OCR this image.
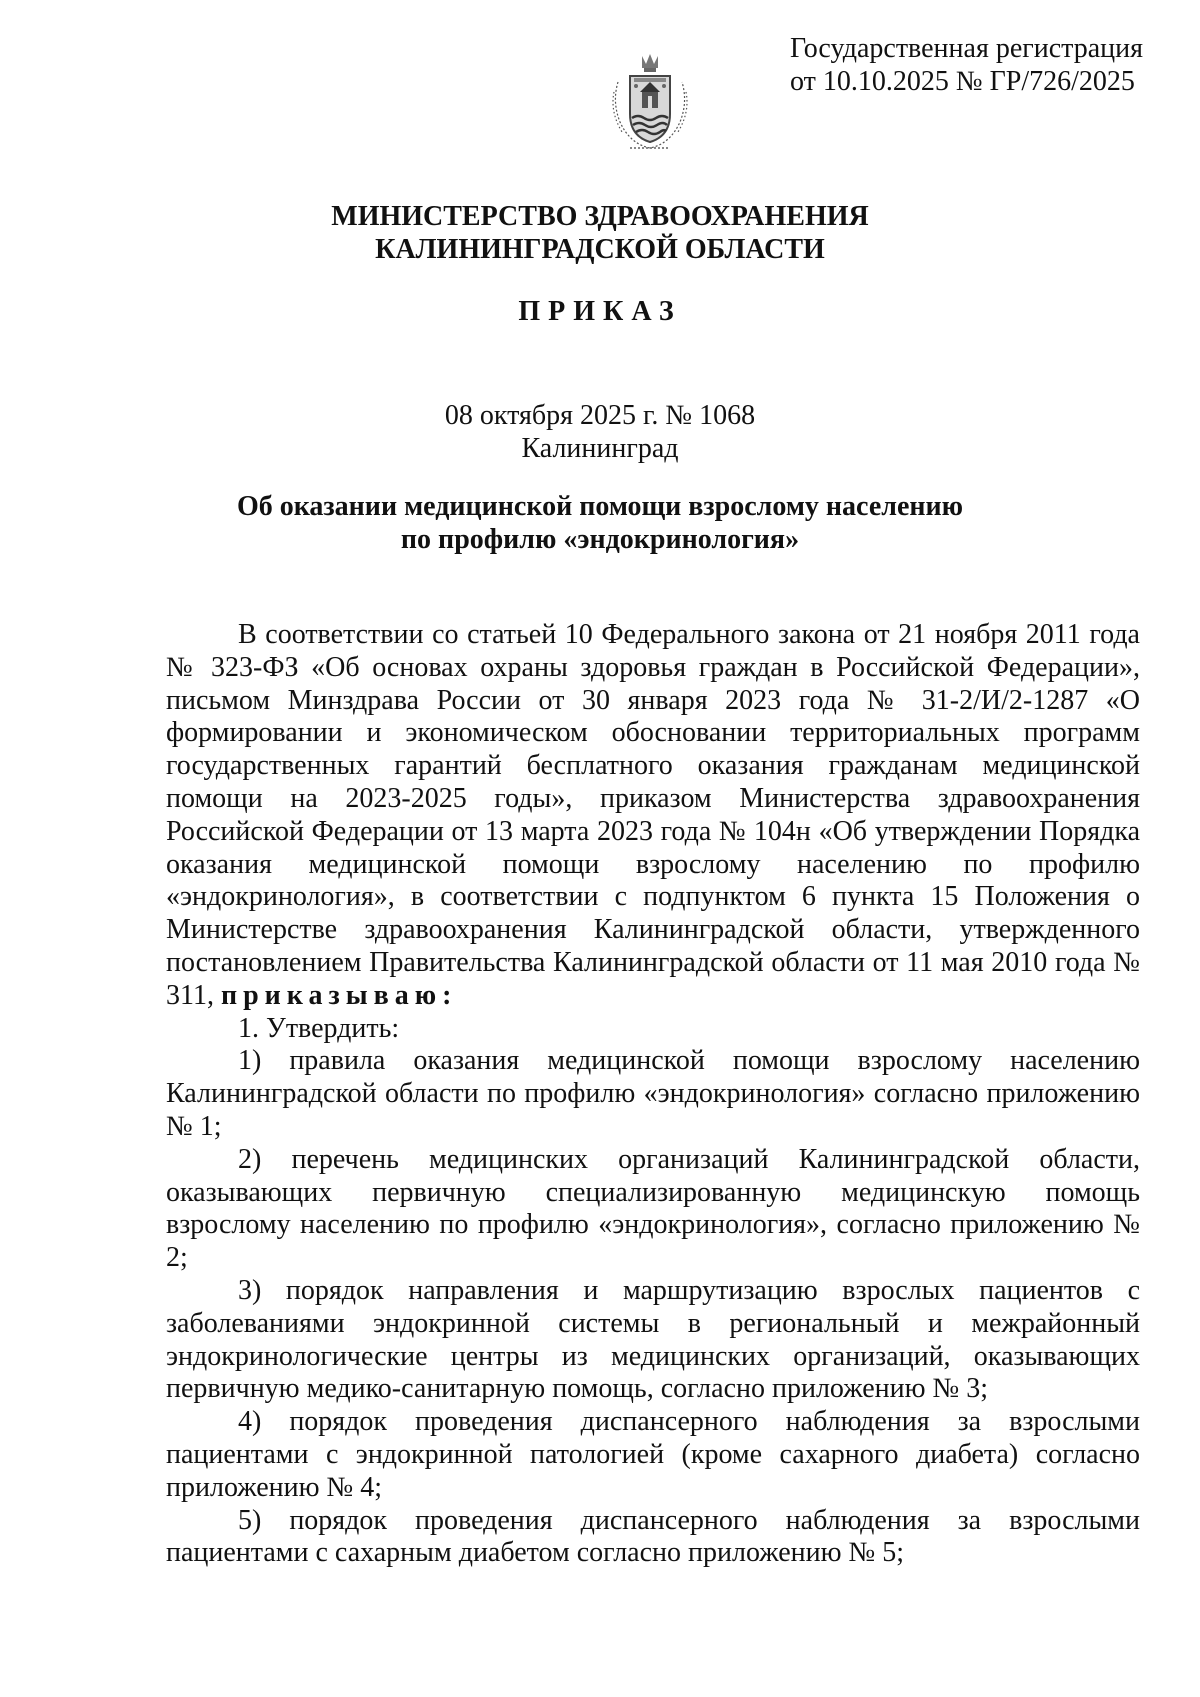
Государственная регистрация
от 10.10.2025 № ГР/726/2025
МИНИСТЕРСТВО ЗДРАВООХРАНЕНИЯ
КАЛИНИНГРАДСКОЙ ОБЛАСТИ
ПРИКАЗ
08 октября 2025 г. № 1068
Калининград
Об оказании медицинской помощи взрослому населению
по профилю «эндокринология»

В соответствии со статьей 10 Федерального закона от 21 ноября 2011 года № 323-ФЗ «Об основах охраны здоровья граждан в Российской Федерации», письмом Минздрава России от 30 января 2023 года № 31-2/И/2-1287 «О формировании и экономическом обосновании территориальных программ государственных гарантий бесплатного оказания гражданам медицинской помощи на 2023-2025 годы», приказом Министерства здравоохранения Российской Федерации от 13 марта 2023 года № 104н «Об утверждении Порядка оказания медицинской помощи взрослому населению по профилю «эндокринология», в соответствии с подпунктом 6 пункта 15 Положения о Министерстве здравоохранения Калининградской области, утвержденного постановлением Правительства Калининградской области от 11 мая 2010 года № 311, приказываю:

1. Утвердить:

1) правила оказания медицинской помощи взрослому населению Калининградской области по профилю «эндокринология» согласно приложению № 1;

2) перечень медицинских организаций Калининградской области, оказывающих первичную специализированную медицинскую помощь взрослому населению по профилю «эндокринология», согласно приложению № 2;

3) порядок направления и маршрутизацию взрослых пациентов с заболеваниями эндокринной системы в региональный и межрайонный эндокринологические центры из медицинских организаций, оказывающих первичную медико-санитарную помощь, согласно приложению № 3;

4) порядок проведения диспансерного наблюдения за взрослыми пациентами с эндокринной патологией (кроме сахарного диабета) согласно приложению № 4;

5) порядок проведения диспансерного наблюдения за взрослыми пациентами с сахарным диабетом согласно приложению № 5;
